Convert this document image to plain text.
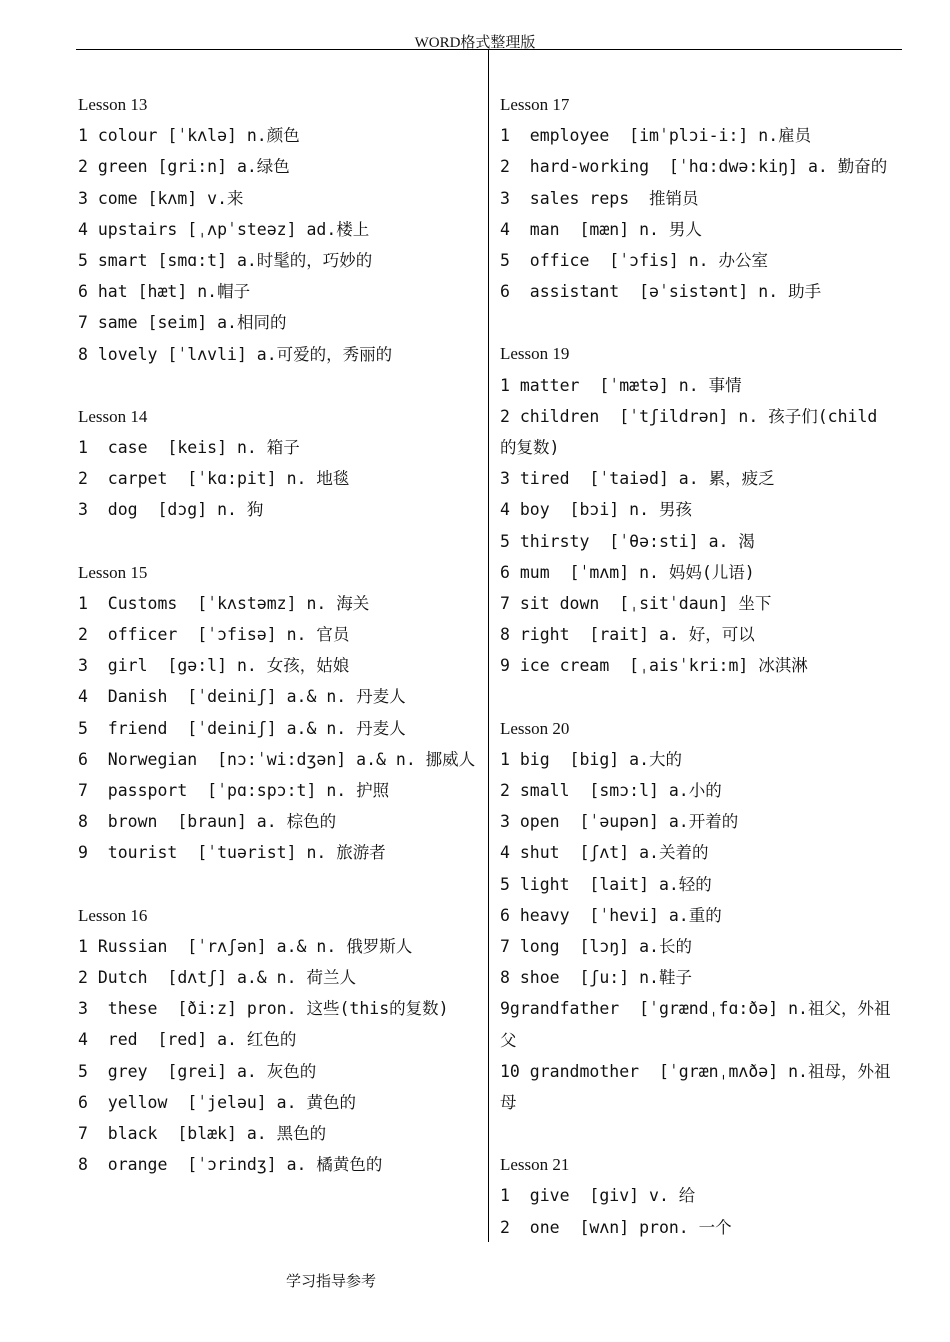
WORD格式整理版
Lesson 13
1 colour [ˈkʌlə] n.颜色
2 green [gri:n] a.绿色
3 come [kʌm] v.来
4 upstairs [ˌʌpˈsteəz] ad.楼上
5 smart [smɑ:t] a.时髦的，巧妙的
6 hat [hæt] n.帽子
7 same [seim] a.相同的
8 lovely [ˈlʌvli] a.可爱的，秀丽的
Lesson 14
1  case  [keis] n. 箱子
2  carpet  [ˈkɑ:pit] n. 地毯
3  dog  [dɔg] n. 狗
Lesson 15
1  Customs  [ˈkʌstəmz] n. 海关
2  officer  [ˈɔfisə] n. 官员
3  girl  [gə:l] n. 女孩，姑娘
4  Danish  [ˈdeiniʃ] a.& n. 丹麦人
5  friend  [ˈdeiniʃ] a.& n. 丹麦人
6  Norwegian  [nɔ:ˈwi:dʒən] a.& n. 挪威人
7  passport  [ˈpɑ:spɔ:t] n. 护照
8  brown  [braun] a. 棕色的
9  tourist  [ˈtuərist] n. 旅游者
Lesson 16
1 Russian  [ˈrʌʃən] a.& n. 俄罗斯人
2 Dutch  [dʌtʃ] a.& n. 荷兰人
3  these  [ði:z] pron. 这些(this的复数)
4  red  [red] a. 红色的
5  grey  [grei] a. 灰色的
6  yellow  [ˈjeləu] a. 黄色的
7  black  [blæk] a. 黑色的
8  orange  [ˈɔrindʒ] a. 橘黄色的
Lesson 17
1  employee  [imˈplɔi-i:] n.雇员
2  hard-working  [ˈhɑ:dwə:kiŋ] a. 勤奋的
3  sales reps  推销员
4  man  [mæn] n. 男人
5  office  [ˈɔfis] n. 办公室
6  assistant  [əˈsistənt] n. 助手
Lesson 19
1 matter  [ˈmætə] n. 事情
2 children  [ˈtʃildrən] n. 孩子们(child 的复数)
3 tired  [ˈtaiəd] a. 累，疲乏
4 boy  [bɔi] n. 男孩
5 thirsty  [ˈθə:sti] a. 渴
6 mum  [ˈmʌm] n. 妈妈(儿语)
7 sit down  [ˌsitˈdaun] 坐下
8 right  [rait] a. 好，可以
9 ice cream  [ˌaisˈkri:m] 冰淇淋
Lesson 20
1 big  [big] a.大的
2 small  [smɔ:l] a.小的
3 open  [ˈəupən] a.开着的
4 shut  [ʃʌt] a.关着的
5 light  [lait] a.轻的
6 heavy  [ˈhevi] a.重的
7 long  [lɔŋ] a.长的
8 shoe  [ʃu:] n.鞋子
9grandfather  [ˈgrændˌfɑ:ðə] n.祖父，外祖父
10 grandmother  [ˈgrænˌmʌðə] n.祖母，外祖母
Lesson 21
1  give  [giv] v. 给
2  one  [wʌn] pron. 一个
学习指导参考
